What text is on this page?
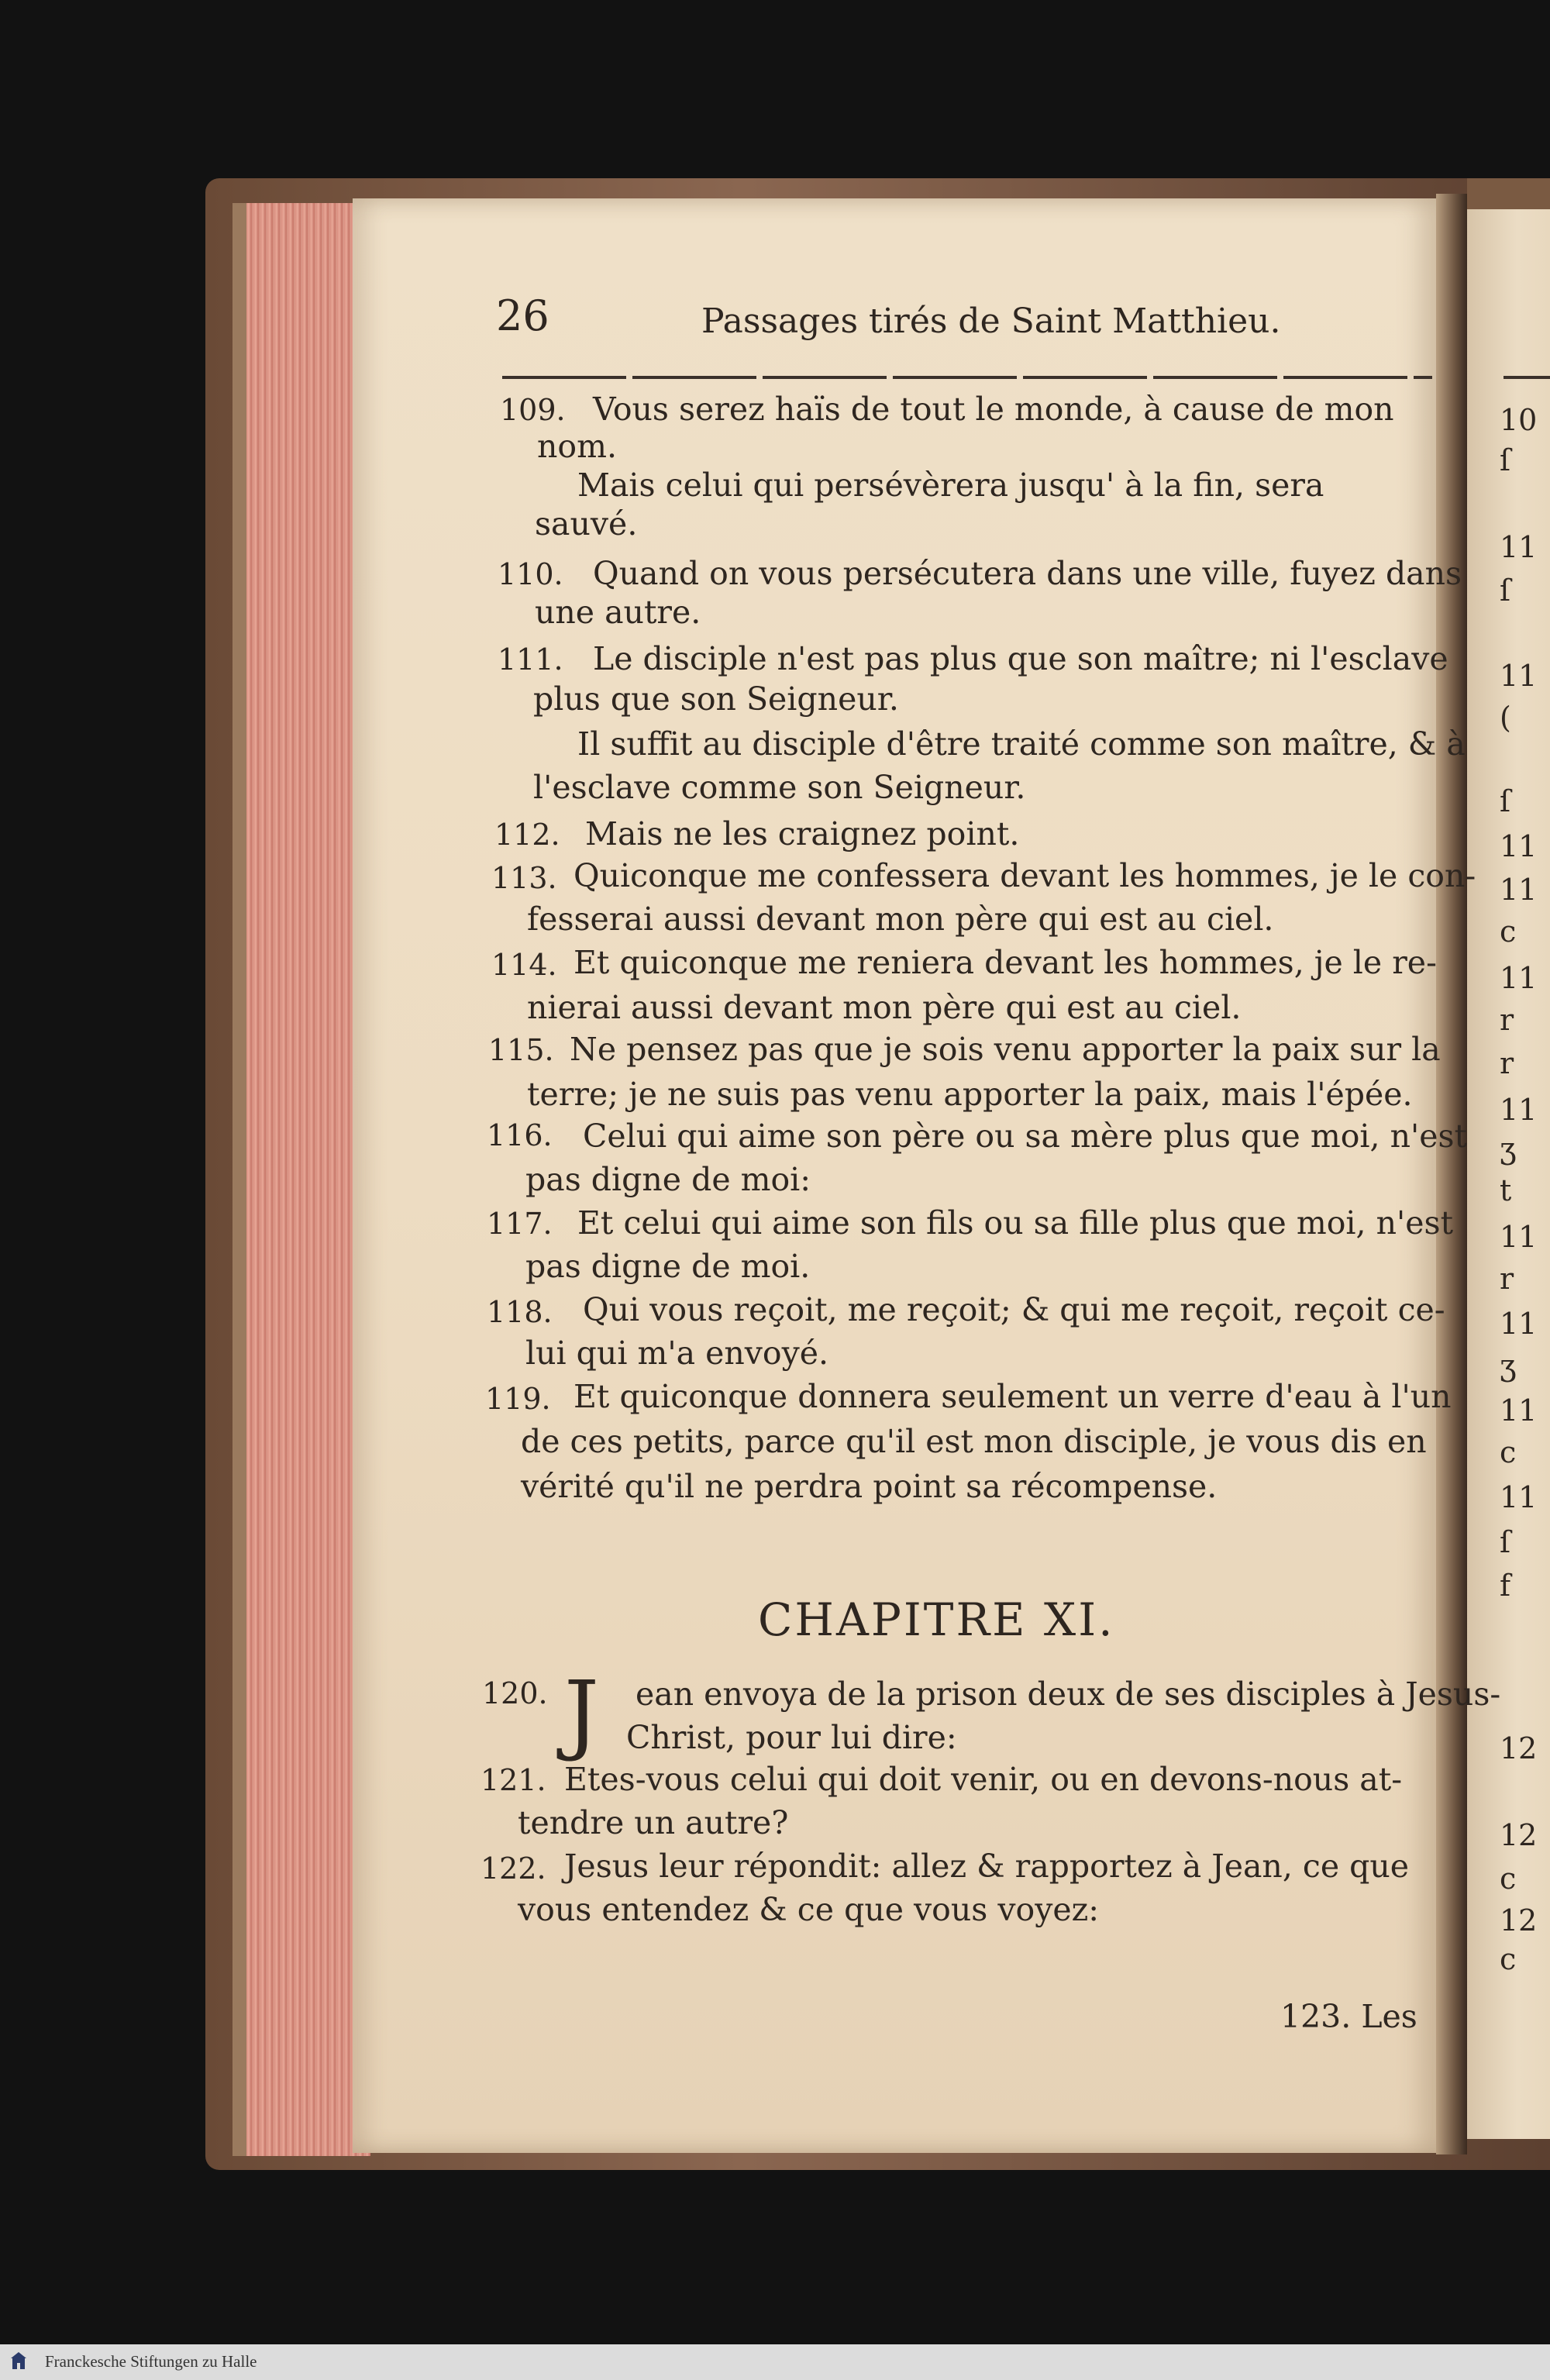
26	Passages tirés de Saint Matthieu.
109. Vous serez haïs de tout le monde, à cause de mon
nom.
Mais celui qui persévèrera jusqu' à la fin, sera
sauvé.
110. Quand on vous persécutera dans une ville, fuyez dans
une autre.
111. Le disciple n'est pas plus que son maître; ni l'esclave
plus que son Seigneur.
Il suffit au disciple d'être traité comme son maître, & à
l'esclave comme son Seigneur.
112. Mais ne les craignez point.
113. Quiconque me confessera devant les hommes, je le con-
fesserai aussi devant mon père qui est au ciel.
114. Et quiconque me reniera devant les hommes, je le re-
nierai aussi devant mon père qui est au ciel.
115. Ne pensez pas que je sois venu apporter la paix sur la
terre; je ne suis pas venu apporter la paix, mais l'épée.
116. Celui qui aime son père ou sa mère plus que moi, n'est
pas digne de moi:
117. Et celui qui aime son fils ou sa fille plus que moi, n'est
pas digne de moi.
118. Qui vous reçoit, me reçoit; & qui me reçoit, reçoit ce-
lui qui m'a envoyé.
119. Et quiconque donnera seulement un verre d'eau à l'un
de ces petits, parce qu'il est mon disciple, je vous dis en
vérité qu'il ne perdra point sa récompense.
CHAPITRE XI.
120. J ean envoya de la prison deux de ses disciples à Jesus-
Christ, pour lui dire:
121. Etes-vous celui qui doit venir, ou en devons-nous at-
tendre un autre?
122. Jesus leur répondit: allez & rapportez à Jean, ce que
vous entendez & ce que vous voyez:
123. Les
10
ſ
11
ſ
11
(
ſ
11
11
c
11
r
r
11
ʒ
t
11
r
11
ʒ
11
c
11
ſ
f
12
12
c
12
c
Franckesche Stiftungen zu Halle
